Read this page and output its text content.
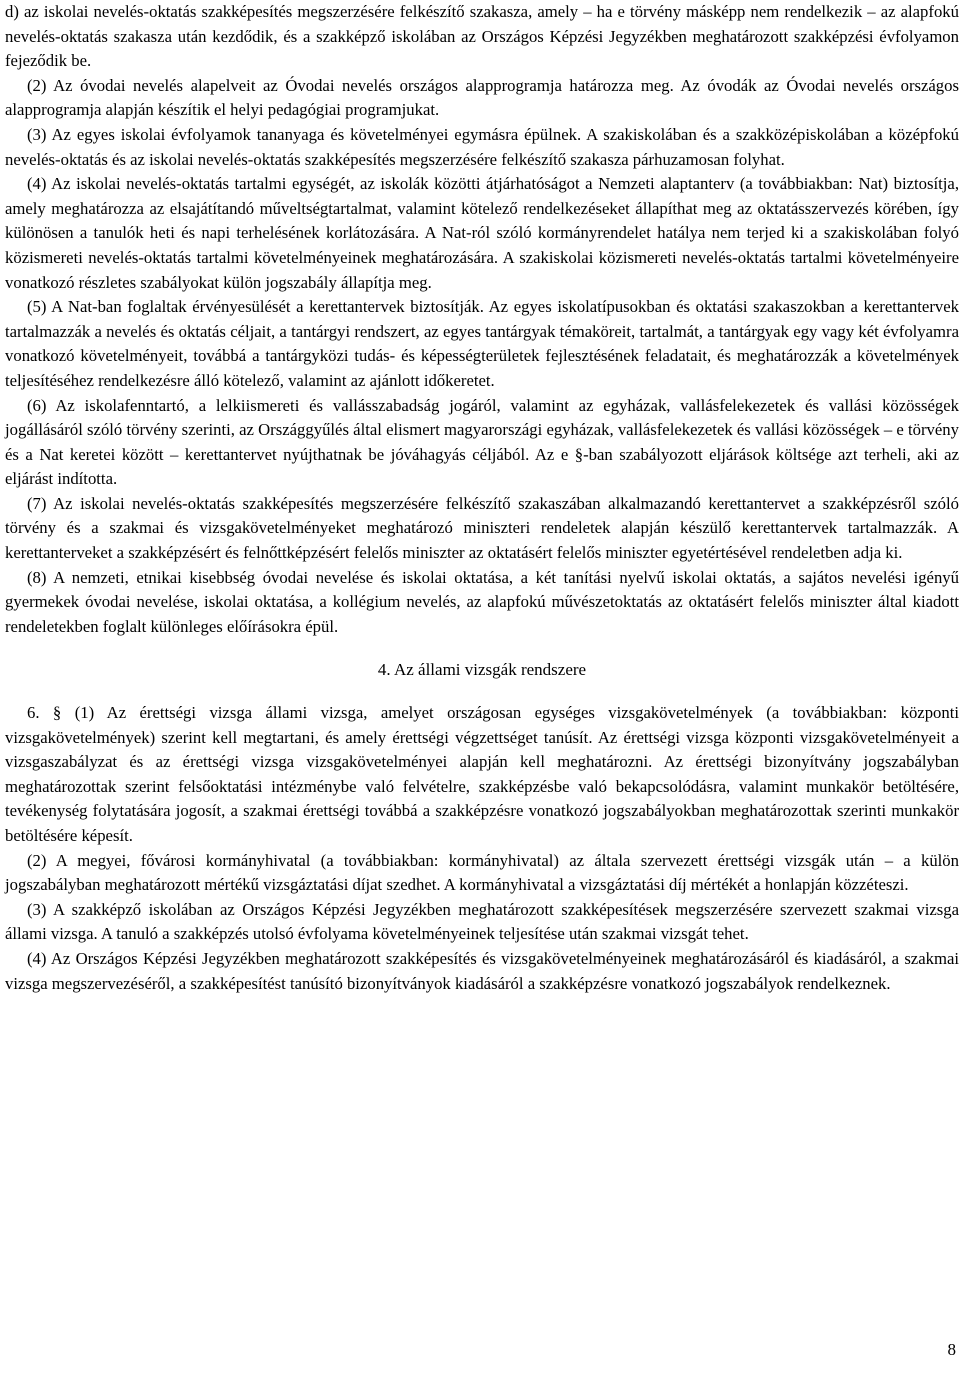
d) az iskolai nevelés-oktatás szakképesítés megszerzésére felkészítő szakasza, amely – ha e törvény másképp nem rendelkezik – az alapfokú nevelés-oktatás szakasza után kezdődik, és a szakképző iskolában az Országos Képzési Jegyzékben meghatározott szakképzési évfolyamon fejeződik be.

(2) Az óvodai nevelés alapelveit az Óvodai nevelés országos alapprogramja határozza meg. Az óvodák az Óvodai nevelés országos alapprogramja alapján készítik el helyi pedagógiai programjukat.

(3) Az egyes iskolai évfolyamok tananyaga és követelményei egymásra épülnek. A szakiskolában és a szakközépiskolában a középfokú nevelés-oktatás és az iskolai nevelés-oktatás szakképesítés megszerzésére felkészítő szakasza párhuzamosan folyhat.

(4) Az iskolai nevelés-oktatás tartalmi egységét, az iskolák közötti átjárhatóságot a Nemzeti alaptanterv (a továbbiakban: Nat) biztosítja, amely meghatározza az elsajátítandó műveltségtartalmat, valamint kötelező rendelkezéseket állapíthat meg az oktatásszervezés körében, így különösen a tanulók heti és napi terhelésének korlátozására. A Nat-ról szóló kormányrendelet hatálya nem terjed ki a szakiskolában folyó közismereti nevelés-oktatás tartalmi követelményeinek meghatározására. A szakiskolai közismereti nevelés-oktatás tartalmi követelményeire vonatkozó részletes szabályokat külön jogszabály állapítja meg.

(5) A Nat-ban foglaltak érvényesülését a kerettantervek biztosítják. Az egyes iskolatípusokban és oktatási szakaszokban a kerettantervek tartalmazzák a nevelés és oktatás céljait, a tantárgyi rendszert, az egyes tantárgyak témaköreit, tartalmát, a tantárgyak egy vagy két évfolyamra vonatkozó követelményeit, továbbá a tantárgyközi tudás- és képességterületek fejlesztésének feladatait, és meghatározzák a követelmények teljesítéséhez rendelkezésre álló kötelező, valamint az ajánlott időkeretet.

(6) Az iskolafenntartó, a lelkiismereti és vallásszabadság jogáról, valamint az egyházak, vallásfelekezetek és vallási közösségek jogállásáról szóló törvény szerinti, az Országgyűlés által elismert magyarországi egyházak, vallásfelekezetek és vallási közösségek – e törvény és a Nat keretei között – kerettantervet nyújthatnak be jóváhagyás céljából. Az e §-ban szabályozott eljárások költsége azt terheli, aki az eljárást indította.

(7) Az iskolai nevelés-oktatás szakképesítés megszerzésére felkészítő szakaszában alkalmazandó kerettantervet a szakképzésről szóló törvény és a szakmai és vizsgakövetelményeket meghatározó miniszteri rendeletek alapján készülő kerettantervek tartalmazzák. A kerettanterveket a szakképzésért és felnőttképzésért felelős miniszter az oktatásért felelős miniszter egyetértésével rendeletben adja ki.

(8) A nemzeti, etnikai kisebbség óvodai nevelése és iskolai oktatása, a két tanítási nyelvű iskolai oktatás, a sajátos nevelési igényű gyermekek óvodai nevelése, iskolai oktatása, a kollégium nevelés, az alapfokú művészetoktatás az oktatásért felelős miniszter által kiadott rendeletekben foglalt különleges előírásokra épül.

4. Az állami vizsgák rendszere

6. § (1) Az érettségi vizsga állami vizsga, amelyet országosan egységes vizsgakövetelmények (a továbbiakban: központi vizsgakövetelmények) szerint kell megtartani, és amely érettségi végzettséget tanúsít. Az érettségi vizsga központi vizsgakövetelményeit a vizsgaszabályzat és az érettségi vizsga vizsgakövetelményei alapján kell meghatározni. Az érettségi bizonyítvány jogszabályban meghatározottak szerint felsőoktatási intézménybe való felvételre, szakképzésbe való bekapcsolódásra, valamint munkakör betöltésére, tevékenység folytatására jogosít, a szakmai érettségi továbbá a szakképzésre vonatkozó jogszabályokban meghatározottak szerinti munkakör betöltésére képesít.

(2) A megyei, fővárosi kormányhivatal (a továbbiakban: kormányhivatal) az általa szervezett érettségi vizsgák után – a külön jogszabályban meghatározott mértékű vizsgáztatási díjat szedhet. A kormányhivatal a vizsgáztatási díj mértékét a honlapján közzéteszi.

(3) A szakképző iskolában az Országos Képzési Jegyzékben meghatározott szakképesítések megszerzésére szervezett szakmai vizsga állami vizsga. A tanuló a szakképzés utolsó évfolyama követelményeinek teljesítése után szakmai vizsgát tehet.

(4) Az Országos Képzési Jegyzékben meghatározott szakképesítés és vizsgakövetelményeinek meghatározásáról és kiadásáról, a szakmai vizsga megszervezéséről, a szakképesítést tanúsító bizonyítványok kiadásáról a szakképzésre vonatkozó jogszabályok rendelkeznek.

8
